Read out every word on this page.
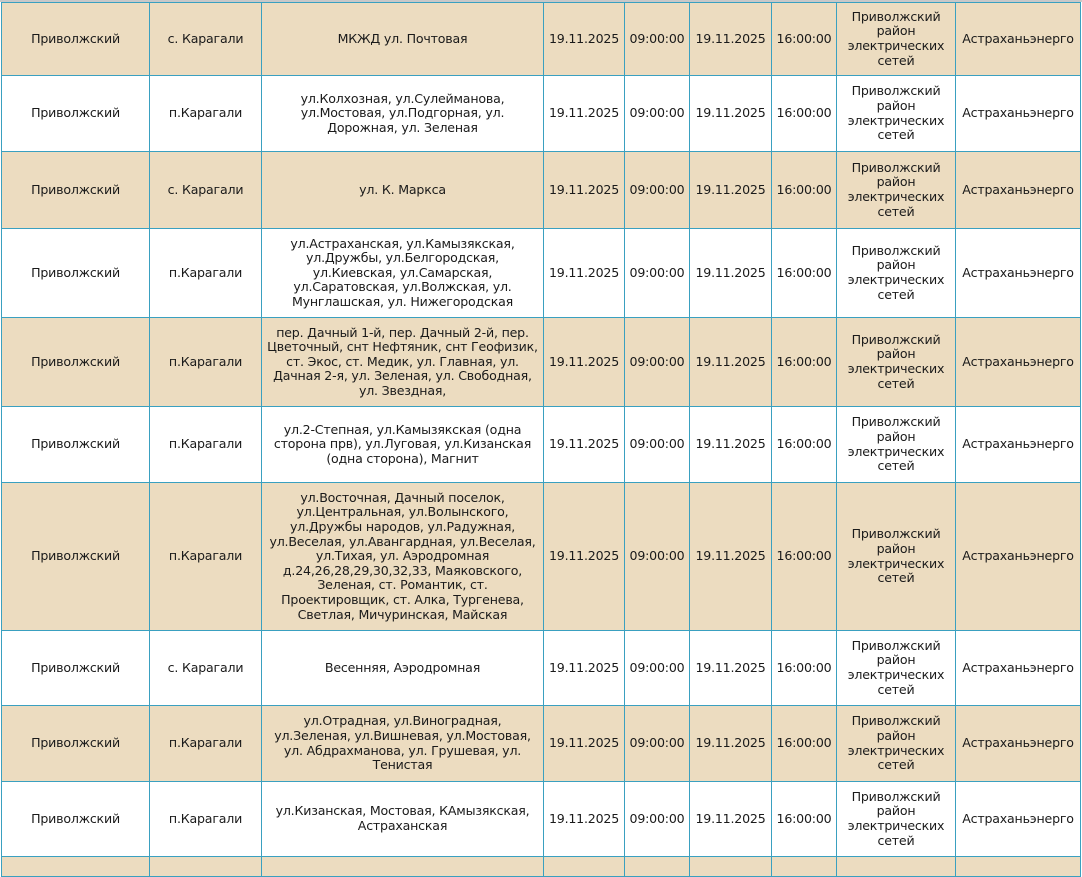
Приволжский	с. Карагали	МКЖД ул. Почтовая	19.11.2025	09:00:00	19.11.2025	16:00:00	Приволжский район электрических сетей	Астраханьэнерго
Приволжский	п.Карагали	ул.Колхозная, ул.Сулейманова, ул.Мостовая, ул.Подгорная, ул. Дорожная, ул. Зеленая	19.11.2025	09:00:00	19.11.2025	16:00:00	Приволжский район электрических сетей	Астраханьэнерго
Приволжский	с. Карагали	ул. К. Маркса	19.11.2025	09:00:00	19.11.2025	16:00:00	Приволжский район электрических сетей	Астраханьэнерго
Приволжский	п.Карагали	ул.Астраханская, ул.Камызякская, ул.Дружбы, ул.Белгородская, ул.Киевская, ул.Самарская, ул.Саратовская, ул.Волжская, ул. Мунглашская, ул. Нижегородская	19.11.2025	09:00:00	19.11.2025	16:00:00	Приволжский район электрических сетей	Астраханьэнерго
Приволжский	п.Карагали	пер. Дачный 1-й, пер. Дачный 2-й, пер. Цветочный, снт Нефтяник, снт Геофизик, ст. Экос, ст. Медик, ул. Главная, ул. Дачная 2-я, ул. Зеленая, ул. Свободная, ул. Звездная,	19.11.2025	09:00:00	19.11.2025	16:00:00	Приволжский район электрических сетей	Астраханьэнерго
Приволжский	п.Карагали	ул.2-Степная, ул.Камызякская (одна сторона прв), ул.Луговая, ул.Кизанская (одна сторона), Магнит	19.11.2025	09:00:00	19.11.2025	16:00:00	Приволжский район электрических сетей	Астраханьэнерго
Приволжский	п.Карагали	ул.Восточная, Дачный поселок, ул.Центральная, ул.Волынского, ул.Дружбы народов, ул.Радужная, ул.Веселая, ул.Авангардная, ул.Веселая, ул.Тихая, ул. Аэродромная д.24,26,28,29,30,32,33, Маяковского, Зеленая, ст. Романтик, ст. Проектировщик, ст. Алка, Тургенева, Светлая, Мичуринская, Майская	19.11.2025	09:00:00	19.11.2025	16:00:00	Приволжский район электрических сетей	Астраханьэнерго
Приволжский	с. Карагали	Весенняя, Аэродромная	19.11.2025	09:00:00	19.11.2025	16:00:00	Приволжский район электрических сетей	Астраханьэнерго
Приволжский	п.Карагали	ул.Отрадная, ул.Виноградная, ул.Зеленая, ул.Вишневая, ул.Мостовая, ул. Абдрахманова, ул. Грушевая, ул. Тенистая	19.11.2025	09:00:00	19.11.2025	16:00:00	Приволжский район электрических сетей	Астраханьэнерго
Приволжский	п.Карагали	ул.Кизанская, Мостовая, КАмызякская, Астраханская	19.11.2025	09:00:00	19.11.2025	16:00:00	Приволжский район электрических сетей	Астраханьэнерго
